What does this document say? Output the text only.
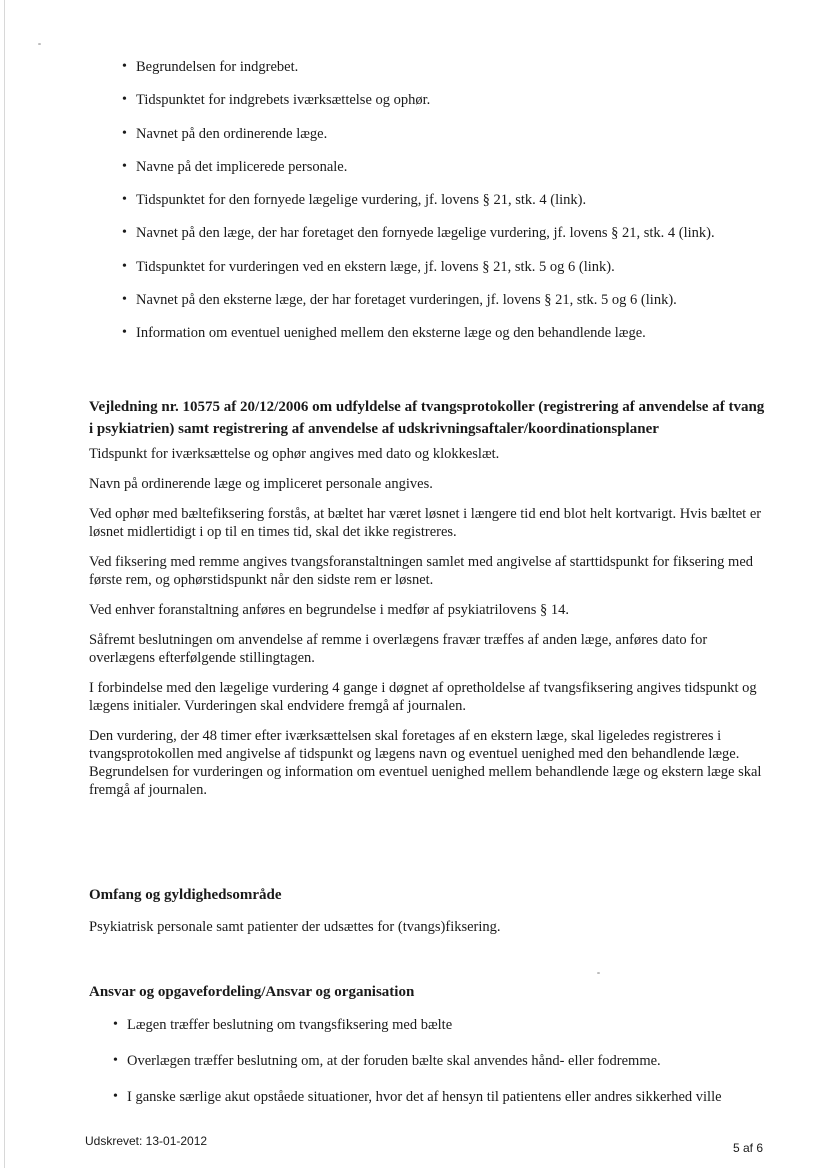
• Begrundelsen for indgrebet.
• Tidspunktet for indgrebets iværksættelse og ophør.
• Navnet på den ordinerende læge.
• Navne på det implicerede personale.
• Tidspunktet for den fornyede lægelige vurdering, jf. lovens § 21, stk. 4 (link).
• Navnet på den læge, der har foretaget den fornyede lægelige vurdering, jf. lovens § 21, stk. 4 (link).
• Tidspunktet for vurderingen ved en ekstern læge, jf. lovens § 21, stk. 5 og 6 (link).
• Navnet på den eksterne læge, der har foretaget vurderingen, jf. lovens § 21, stk. 5 og 6 (link).
• Information om eventuel uenighed mellem den eksterne læge og den behandlende læge.

Vejledning nr. 10575 af 20/12/2006 om udfyldelse af tvangsprotokoller (registrering af anvendelse af tvang i psykiatrien) samt registrering af anvendelse af udskrivningsaftaler/koordinationsplaner

Tidspunkt for iværksættelse og ophør angives med dato og klokkeslæt.

Navn på ordinerende læge og impliceret personale angives.

Ved ophør med bæltefiksering forstås, at bæltet har været løsnet i længere tid end blot helt kortvarigt. Hvis bæltet er løsnet midlertidigt i op til en times tid, skal det ikke registreres.

Ved fiksering med remme angives tvangsforanstaltningen samlet med angivelse af starttidspunkt for fiksering med første rem, og ophørstidspunkt når den sidste rem er løsnet.

Ved enhver foranstaltning anføres en begrundelse i medfør af psykiatrilovens § 14.

Såfremt beslutningen om anvendelse af remme i overlægens fravær træffes af anden læge, anføres dato for overlægens efterfølgende stillingtagen.

I forbindelse med den lægelige vurdering 4 gange i døgnet af opretholdelse af tvangsfiksering angives tidspunkt og lægens initialer. Vurderingen skal endvidere fremgå af journalen.

Den vurdering, der 48 timer efter iværksættelsen skal foretages af en ekstern læge, skal ligeledes registreres i tvangsprotokollen med angivelse af tidspunkt og lægens navn og eventuel uenighed med den behandlende læge. Begrundelsen for vurderingen og information om eventuel uenighed mellem behandlende læge og ekstern læge skal fremgå af journalen.

Omfang og gyldighedsområde

Psykiatrisk personale samt patienter der udsættes for (tvangs)fiksering.

Ansvar og opgavefordeling/Ansvar og organisation

• Lægen træffer beslutning om tvangsfiksering med bælte
• Overlægen træffer beslutning om, at der foruden bælte skal anvendes hånd- eller fodremme.
• I ganske særlige akut opståede situationer, hvor det af hensyn til patientens eller andres sikkerhed ville
Udskrevet: 13-01-2012	5 af 6
